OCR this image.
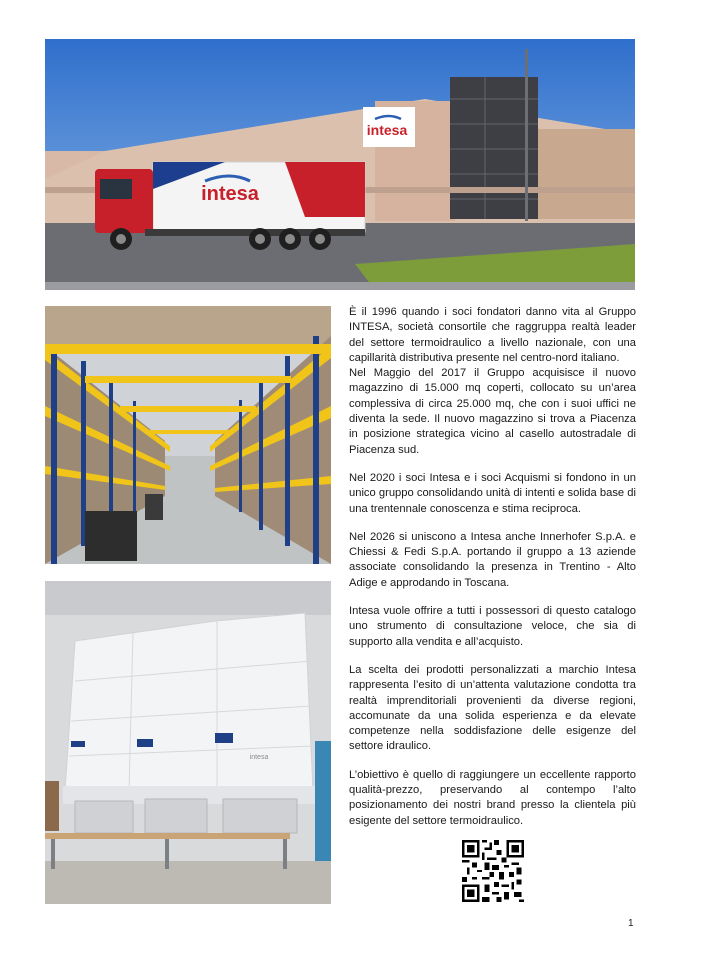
intesa
intesa
intesa

È il 1996 quando i soci fondatori danno vita al Gruppo INTESA, società consortile che raggruppa realtà leader del settore termoidraulico a livello nazionale, con una capillarità distributiva presente nel centro-nord italiano.

Nel Maggio del 2017 il Gruppo acquisisce il nuovo magazzino di 15.000 mq coperti, collocato su un’area complessiva di circa 25.000 mq, che con i suoi uffici ne diventa la sede. Il nuovo magazzino si trova a Piacenza in posizione strategica vicino al casello autostradale di Piacenza sud.

Nel 2020 i soci Intesa e i soci Acquismi si fondono in un unico gruppo consolidando unità di intenti e solida base di una trentennale conoscenza e stima reciproca.

Nel 2026 si uniscono a Intesa anche Innerhofer S.p.A. e Chiessi & Fedi S.p.A. portando il gruppo a 13 aziende associate consolidando la presenza in Trentino - Alto Adige e approdando in Toscana.

Intesa vuole offrire a tutti i possessori di questo catalogo uno strumento di consultazione veloce, che sia di supporto alla vendita e all’acquisto.

La scelta dei prodotti personalizzati a marchio Intesa rappresenta l’esito di un’attenta valutazione condotta tra realtà imprenditoriali provenienti da diverse regioni, accomunate da una solida esperienza e da elevate competenze nella soddisfazione delle esigenze del settore idraulico.

L’obiettivo è quello di raggiungere un eccellente rapporto qualità-prezzo, preservando al contempo l’alto posizionamento dei nostri brand presso la clientela più esigente del settore termoidraulico.

1
